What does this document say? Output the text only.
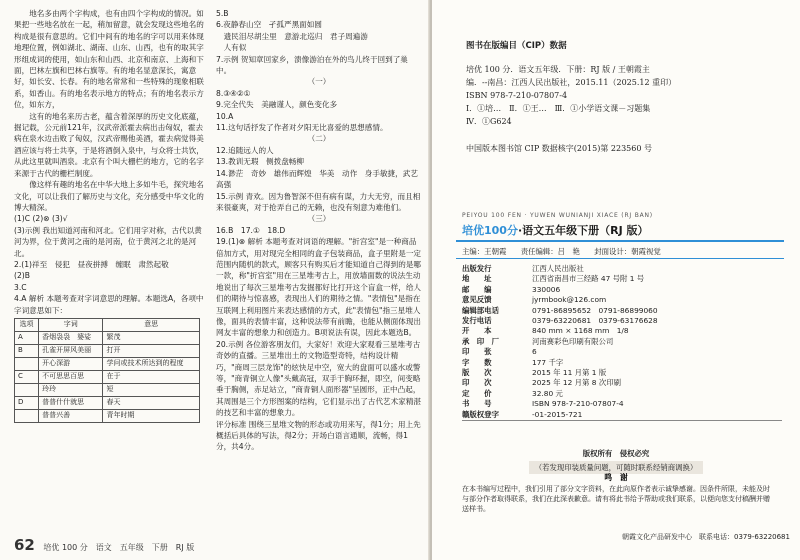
地名多由两个字构成，也有由四个字构成的情况。如果把一些地名放在一起，稍加留意，就会发现这些地名的构成是很有意思的。它们中间有的地名的字可以用来体现地理位置，例如湖北、湖南、山东、山西，也有的取其字形组成词的使用，如山东和山西、北京和南京、上海和下面，巴林左旗和巴林右旗等。有的地名显意深长，寓意好，如长安、长春。有的地名常常和一些特殊的现象相联系，如香山。有的地名表示地方的特点；有的地名表示方位，如东方，

这有的地名来历古老，蕴含着深厚的历史文化底蕴，掘记载，公元前121年，汉武帝派霍去病出击匈奴，霍去病在泉水边击败了匈奴，汉武帝赐他美酒，霍去病觉得美酒应该与将士共享，于是将酒倒入泉中，与众将士共饮，从此这里就叫酒泉。北京有个叫大栅栏的地方，它的名字来源于古代的栅栏制度。

像这样有趣的地名在中华大地上多如牛毛，探究地名文化，可以让我们了解历史与文化，充分感受中华文化的博大精深。

(1)C (2)⊗ (3)√

(3)示例 我出知道河南和河北。它们用字对称，古代以黄河为界，位于黄河之南的是河南，位于黄河之北的是河北。

2.(1)祥至　侵犯　昼夜拼搏　缠眠　肃然起敬

(2)B

3.C

4.A 解析 本题考查对字词意思的理解。本题选A，各项中字词意思如下：

选项	字词	意思
A	香烟袅袅　婆娑	繁茂
B	孔雀开屏风美丽	打开
	开心深游	学问或技术所达到的程度
C	不可思思百思	在于
	玲玲	短
D	普普什什就思	春天
	普普兴善	青年时期

5.B

6.夜静春山空　孑孤严黑面如圆

　遗民泪尽胡尘里　意游北巡归　君子周遍游

　人有似

7.示例 贺知章回家乡，溃像游泊在外的鸟儿终于回到了巢中。

（一）

8.③④②①

9.完全代失　美融谨人，颜色变化多

10.A

11.这句话抒发了作者对夕阳无比喜爱的思想感情。

（二）

12.追随远人的人

13.教训无瑕　侧拨盘畅柳

14.渺茫　奇妙　雄伟而辉煌　华美　动作　身手敏捷，武艺高强

15.示例 青欢。因为鲁智深不但有病有谋，力大无穷，而且相来很豪爽，对于抢弄自己的无赖，也没有刻意为难他们。

（三）

16.B　17.①　18.D

19.(1)⊗ 解析 本题考查对词语的理解。"折宫室"是一种商品倍加方式，用对现完全相同的盒子包装商品，盒子里附是一定范围内随机的款式，顾客只有购买后才能知道自己得到的是哪一款，称"折宫室"用在三星堆考古上，用放墙面数的说法生动地说出了每次三星堆考古发掘都好比打开这个盲盒一样，给人们的期待与惊喜感，表现出人们的期待之情。"表情包"是指在互联网上利用图片来表达感情的方式，此"表情包"指三星堆人像，面具的表情丰富，这种说法带有前瞻，也能从侧面体现出网友丰富的想象力和创造力。B项说法有误，因此本题选B。

20.示例 各位游客朋友们，大家好！欢迎大家观看三星堆考古奇妙的直播。三星堆出土的文物造型奇特，结构设计精巧，"商周三层龙饰"的炫快足中空，宽大的盘面可以盛水或警等，"商青铜立人像"头戴高冠，双手于胸环握，即空，间变略垂于胸侧，赤足站立，"商青铜人面形器"呈圆形，正中凸起，其周围是三个方形图案的结构，它们显示出了古代艺术家精湛的技艺和丰富的想象力。

评分标准 围绕三星堆文物的形态或功用来写，得1分；用上先概括后具体的写法，得2分；开场白语言通顺，流畅，得1分，共4分。

62 培优 100 分　语文　五年级　下册　RJ 版
图书在版编目（CIP）数据

培优 100 分．语文五年级．下册：RJ 版 / 王朝霞主

编．--南昌：江西人民出版社，2015.11（2025.12 重印）

ISBN 978-7-210-07807-4

Ⅰ．①培…　Ⅱ．①王…　Ⅲ．①小学语文课－习题集

Ⅳ．①G624

中国版本图书馆 CIP 数据核字(2015)第 223560 号

PEIYOU 100 FEN · YUWEN WUNIANJI XIACE (RJ BAN)
培优100分·语文五年级下册（RJ 版）
主编：王朝霞 责任编辑：吕　艳 封面设计：朝霞视觉
出版发行	江西人民出版社
地　　址	江西省南昌市三经路 47 号附 1 号
邮　　编	330006
意见反馈	jyrmbook@126.com
编辑部电话	0791-86895652　0791-86899060
发行电话	0379-63220681　0379-63176628
开　　本	840 mm × 1168 mm　1/8
承　印　厂	河南赛彩色印刷有限公司
印　　张	6
字　　数	177 千字
版　　次	2015 年 11 月第 1 版
印　　次	2025 年 12 月第 8 次印刷
定　　价	32.80 元
书　　号	ISBN 978-7-210-07807-4
赣版权登字	-01-2015-721
版权所有　侵权必究
（若发现印装质量问题，可随时联系经销商调换）
鸣　谢
在本书编写过程中，我们引用了部分文字资料，在此向原作者表示诚挚感谢。因条件所限，未能及时与部分作者取得联系，我们在此深表歉意。请有将此书给予帮助或我们联系，以便向您支付稿酬并赠送样书。
朝霞文化产品研发中心　联系电话：0379-63220681
